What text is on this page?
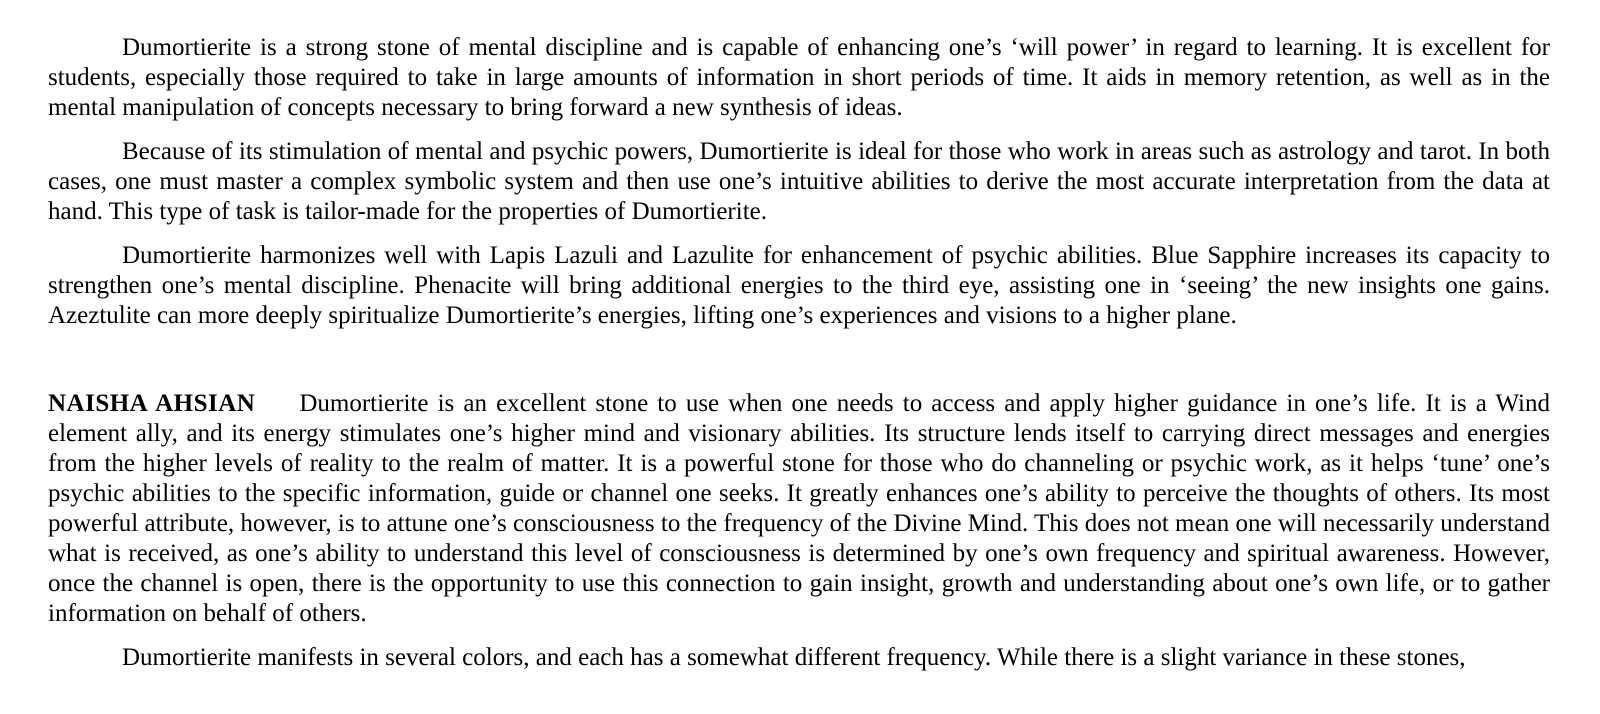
Dumortierite is a strong stone of mental discipline and is capable of enhancing one’s ‘will power’ in regard to learning. It is excellent for students, especially those required to take in large amounts of information in short periods of time. It aids in memory retention, as well as in the mental manipulation of concepts necessary to bring forward a new synthesis of ideas.

Because of its stimulation of mental and psychic powers, Dumortierite is ideal for those who work in areas such as astrology and tarot. In both cases, one must master a complex symbolic system and then use one’s intuitive abilities to derive the most accurate interpretation from the data at hand. This type of task is tailor-made for the properties of Dumortierite.

Dumortierite harmonizes well with Lapis Lazuli and Lazulite for enhancement of psychic abilities. Blue Sapphire increases its capacity to strengthen one’s mental discipline. Phenacite will bring additional energies to the third eye, assisting one in ‘seeing’ the new insights one gains. Azeztulite can more deeply spiritualize Dumortierite’s energies, lifting one’s experiences and visions to a higher plane.

NAISHA AHSIAN Dumortierite is an excellent stone to use when one needs to access and apply higher guidance in one’s life. It is a Wind element ally, and its energy stimulates one’s higher mind and visionary abilities. Its structure lends itself to carrying direct messages and energies from the higher levels of reality to the realm of matter. It is a powerful stone for those who do channeling or psychic work, as it helps ‘tune’ one’s psychic abilities to the specific information, guide or channel one seeks. It greatly enhances one’s ability to perceive the thoughts of others. Its most powerful attribute, however, is to attune one’s consciousness to the frequency of the Divine Mind. This does not mean one will necessarily understand what is received, as one’s ability to understand this level of consciousness is determined by one’s own frequency and spiritual awareness. However, once the channel is open, there is the opportunity to use this connection to gain insight, growth and understanding about one’s own life, or to gather information on behalf of others.

Dumortierite manifests in several colors, and each has a somewhat different frequency. While there is a slight variance in these stones,
